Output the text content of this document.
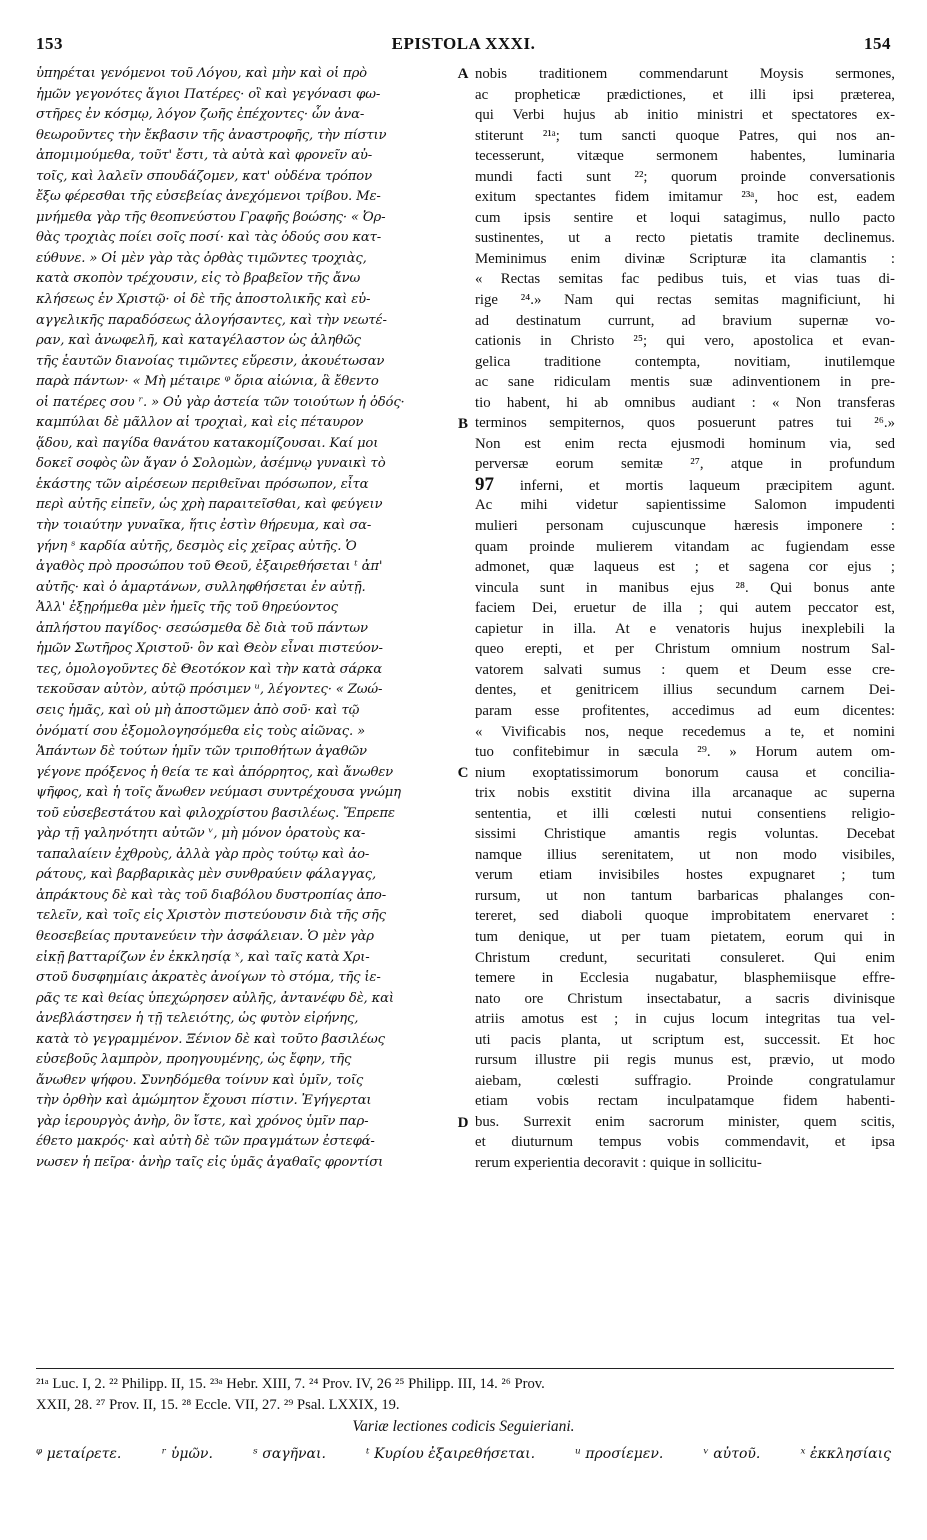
153	EPISTOLA XXXI.	154
ὑπηρέται γενόμενοι τοῦ Λόγου, καὶ μὴν καὶ οἱ πρὸ
ἡμῶν γεγονότες ἅγιοι Πατέρες· οἳ καὶ γεγόνασι φω-
στῆρες ἐν κόσμῳ, λόγον ζωῆς ἐπέχοντες· ὧν ἀνα-
θεωροῦντες τὴν ἔκβασιν τῆς ἀναστροφῆς, τὴν πίστιν
ἀπομιμούμεθα, τοῦτ' ἔστι, τὰ αὐτὰ καὶ φρονεῖν αὐ-
τοῖς, καὶ λαλεῖν σπουδάζομεν, κατ' οὐδένα τρόπον
ἔξω φέρεσθαι τῆς εὐσεβείας ἀνεχόμενοι τρίβου. Με-
μνήμεθα γὰρ τῆς θεοπνεύστου Γραφῆς βοώσης· « Ὀρ-
θὰς τροχιὰς ποίει σοῖς ποσί· καὶ τὰς ὁδούς σου κατ-
εύθυνε. » Οἱ μὲν γὰρ τὰς ὀρθὰς τιμῶντες τροχιὰς,
κατὰ σκοπὸν τρέχουσιν, εἰς τὸ βραβεῖον τῆς ἄνω
κλήσεως ἐν Χριστῷ· οἱ δὲ τῆς ἀποστολικῆς καὶ εὐ-
αγγελικῆς παραδόσεως ἀλογήσαντες, καὶ τὴν νεωτέ-
ραν, καὶ ἀνωφελῆ, καὶ καταγέλαστον ὡς ἀληθῶς
τῆς ἑαυτῶν διανοίας τιμῶντες εὕρεσιν, ἀκουέτωσαν
παρὰ πάντων· « Μὴ μέταιρε ᵠ ὅρια αἰώνια, ἃ ἔθεντο
οἱ πατέρες σου ʳ. » Οὐ γὰρ ἀστεία τῶν τοιούτων ἡ ὁδός·
καμπύλαι δὲ μᾶλλον αἱ τροχιαὶ, καὶ εἰς πέταυρον
ᾅδου, καὶ παγίδα θανάτου κατακομίζουσαι. Καί μοι
δοκεῖ σοφὸς ὢν ἄγαν ὁ Σολομὼν, ἀσέμνῳ γυναικὶ τὸ
ἑκάστης τῶν αἱρέσεων περιθεῖναι πρόσωπον, εἶτα
περὶ αὐτῆς εἰπεῖν, ὡς χρὴ παραιτεῖσθαι, καὶ φεύγειν
τὴν τοιαύτην γυναῖκα, ἥτις ἐστὶν θήρευμα, καὶ σα-
γήνη ˢ καρδία αὐτῆς, δεσμὸς εἰς χεῖρας αὐτῆς. Ὁ
ἀγαθὸς πρὸ προσώπου τοῦ Θεοῦ, ἐξαιρεθήσεται ᵗ ἀπ'
αὐτῆς· καὶ ὁ ἁμαρτάνων, συλληφθήσεται ἐν αὐτῇ.
Ἀλλ' ἐξῃρήμεθα μὲν ἡμεῖς τῆς τοῦ θηρεύοντος
ἀπλήστου παγίδος· σεσώσμεθα δὲ διὰ τοῦ πάντων
ἡμῶν Σωτῆρος Χριστοῦ· ὃν καὶ Θεὸν εἶναι πιστεύον-
τες, ὁμολογοῦντες δὲ Θεοτόκον καὶ τὴν κατὰ σάρκα
τεκοῦσαν αὐτὸν, αὐτῷ πρόσιμεν ᵘ, λέγοντες· « Ζωώ-
σεις ἡμᾶς, καὶ οὐ μὴ ἀποστῶμεν ἀπὸ σοῦ· καὶ τῷ
ὀνόματί σου ἐξομολογησόμεθα εἰς τοὺς αἰῶνας. »
Ἁπάντων δὲ τούτων ἡμῖν τῶν τριποθήτων ἀγαθῶν
γέγονε πρόξενος ἡ θεία τε καὶ ἀπόρρητος, καὶ ἄνωθεν
ψῆφος, καὶ ἡ τοῖς ἄνωθεν νεύμασι συντρέχουσα γνώμη
τοῦ εὐσεβεστάτου καὶ φιλοχρίστου βασιλέως. Ἔπρεπε
γὰρ τῇ γαληνότητι αὐτῶν ᵛ, μὴ μόνον ὁρατοὺς κα-
ταπαλαίειν ἐχθροὺς, ἀλλὰ γὰρ πρὸς τούτῳ καὶ ἀο-
ράτους, καὶ βαρβαρικὰς μὲν συνθραύειν φάλαγγας,
ἀπράκτους δὲ καὶ τὰς τοῦ διαβόλου δυστροπίας ἀπο-
τελεῖν, καὶ τοῖς εἰς Χριστὸν πιστεύουσιν διὰ τῆς σῆς
θεοσεβείας πρυτανεύειν τὴν ἀσφάλειαν. Ὁ μὲν γὰρ
εἰκῇ βατταρίζων ἐν ἐκκλησίᾳ ˣ, καὶ ταῖς κατὰ Χρι-
στοῦ δυσφημίαις ἀκρατὲς ἀνοίγων τὸ στόμα, τῆς ἱε-
ρᾶς τε καὶ θείας ὑπεχώρησεν αὐλῆς, ἀντανέφυ δὲ, καὶ
ἀνεβλάστησεν ἡ τῇ τελειότης, ὡς φυτὸν εἰρήνης,
κατὰ τὸ γεγραμμένον. Ξένιον δὲ καὶ τοῦτο βασιλέως
εὐσεβοῦς λαμπρὸν, προηγουμένης, ὡς ἔφην, τῆς
ἄνωθεν ψήφου. Συνηδόμεθα τοίνυν καὶ ὑμῖν, τοῖς
τὴν ὀρθὴν καὶ ἀμώμητον ἔχουσι πίστιν. Ἐγήγερται
γὰρ ἱερουργὸς ἀνὴρ, ὃν ἴστε, καὶ χρόνος ὑμῖν παρ-
έθετο μακρός· καὶ αὐτὴ δὲ τῶν πραγμάτων ἐστεφά-
νωσεν ἡ πεῖρα· ἀνὴρ ταῖς εἰς ὑμᾶς ἀγαθαῖς φροντίσι
nobis traditionem commendarunt Moysis sermones,
ac propheticæ prædictiones, et illi ipsi præterea,
qui Verbi hujus ab initio ministri et spectatores ex-
stiterunt ²¹ᵃ; tum sancti quoque Patres, qui nos an-
tecesserunt, vitæque sermonem habentes, luminaria
mundi facti sunt ²²; quorum proinde conversationis
exitum spectantes fidem imitamur ²³ᵃ, hoc est, eadem
cum ipsis sentire et loqui satagimus, nullo pacto
sustinentes, ut a recto pietatis tramite declinemus.
Meminimus enim divinæ Scripturæ ita clamantis :
« Rectas semitas fac pedibus tuis, et vias tuas di-
rige ²⁴.» Nam qui rectas semitas magnificiunt, hi
ad destinatum currunt, ad bravium supernæ vo-
cationis in Christo ²⁵; qui vero, apostolica et evan-
gelica traditione contempta, novitiam, inutilemque
ac sane ridiculam mentis suæ adinventionem in pre-
tio habent, hi ab omnibus audiant : « Non transferas
terminos sempiternos, quos posuerunt patres tui ²⁶.»
Non est enim recta ejusmodi hominum via, sed
perversæ eorum semitæ ²⁷, atque in profundum
97 inferni, et mortis laqueum præcipitem agunt.
Ac mihi videtur sapientissime Salomon impudenti
mulieri personam cujuscunque hæresis imponere :
quam proinde mulierem vitandam ac fugiendam esse
admonet, quæ laqueus est ; et sagena cor ejus ;
vincula sunt in manibus ejus ²⁸. Qui bonus ante
faciem Dei, eruetur de illa ; qui autem peccator est,
capietur in illa. At e venatoris hujus inexplebili la
queo erepti, et per Christum omnium nostrum Sal-
vatorem salvati sumus : quem et Deum esse cre-
dentes, et genitricem illius secundum carnem Dei-
param esse profitentes, accedimus ad eum dicentes:
« Vivificabis nos, neque recedemus a te, et nomini
tuo confitebimur in sæcula ²⁹. » Horum autem om-
nium exoptatissimorum bonorum causa et concilia-
trix nobis exstitit divina illa arcanaque ac superna
sententia, et illi cœlesti nutui consentiens religio-
sissimi Christique amantis regis voluntas. Decebat
namque illius serenitatem, ut non modo visibiles,
verum etiam invisibiles hostes expugnaret ; tum
rursum, ut non tantum barbaricas phalanges con-
tereret, sed diaboli quoque improbitatem enervaret :
tum denique, ut per tuam pietatem, eorum qui in
Christum credunt, securitati consuleret. Qui enim
temere in Ecclesia nugabatur, blasphemiisque effre-
nato ore Christum insectabatur, a sacris divinisque
atriis amotus est ; in cujus locum integritas tua vel-
uti pacis planta, ut scriptum est, successit. Et hoc
rursum illustre pii regis munus est, prævio, ut modo
aiebam, cœlesti suffragio. Proinde congratulamur
etiam vobis rectam inculpatamque fidem habenti-
bus. Surrexit enim sacrorum minister, quem scitis,
et diuturnum tempus vobis commendavit, et ipsa
rerum experientia decoravit : quique in sollicitu-
A
B
C
D
²¹ᵃ Luc. I, 2. ²² Philipp. II, 15. ²³ᵃ Hebr. XIII, 7. ²⁴ Prov. IV, 26 ²⁵ Philipp. III, 14. ²⁶ Prov.
XXII, 28. ²⁷ Prov. II, 15. ²⁸ Eccle. VII, 27. ²⁹ Psal. LXXIX, 19.
Variæ lectiones codicis Seguieriani.
ᵠ μεταίρετε.	ʳ ὑμῶν.	ˢ σαγῆναι.	ᵗ Κυρίου ἐξαιρεθήσεται.	ᵘ προσίεμεν.	ᵛ αὐτοῦ.	ˣ ἐκκλησίαις
